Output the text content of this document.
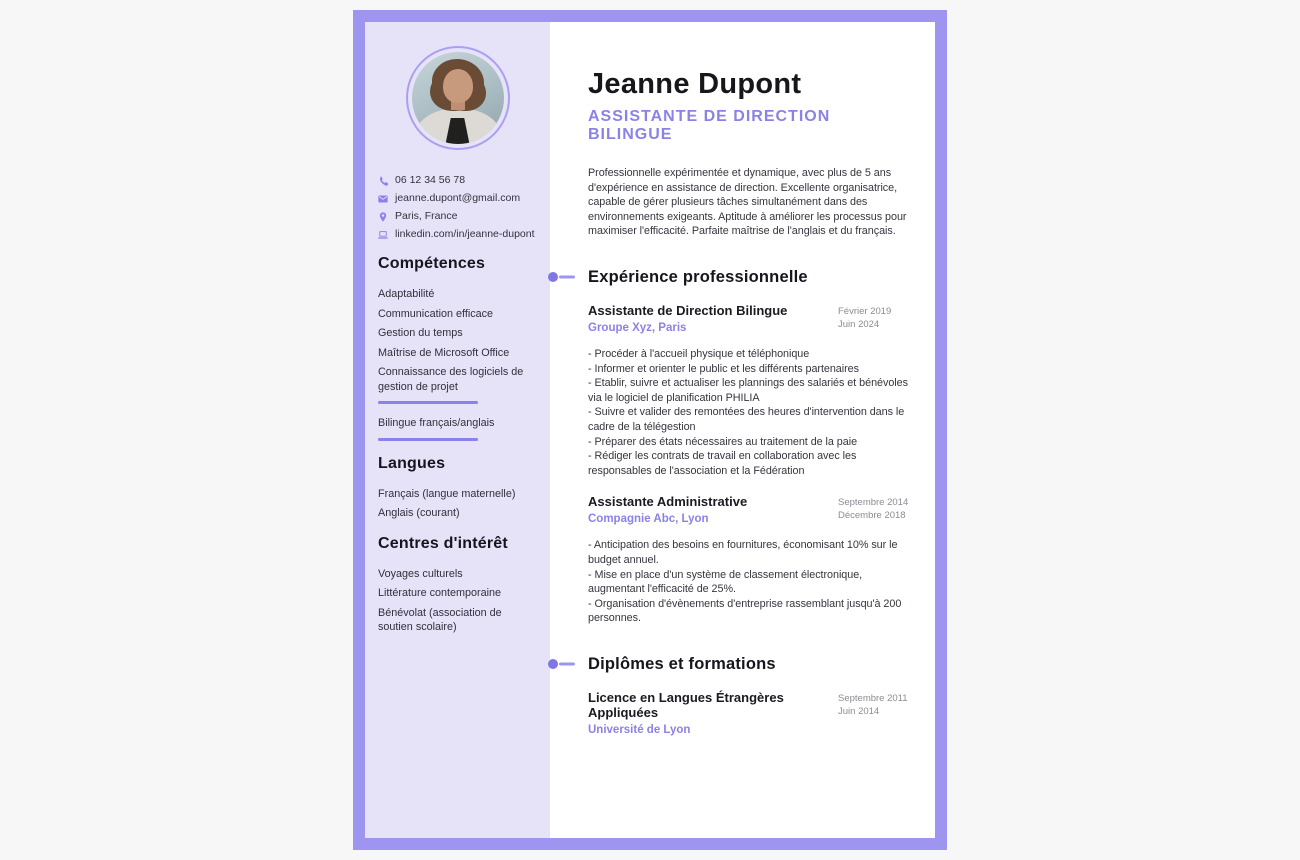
06 12 34 56 78
jeanne.dupont@gmail.com
Paris, France
linkedin.com/in/jeanne-dupont
Compétences
Adaptabilité
Communication efficace
Gestion du temps
Maîtrise de Microsoft Office
Connaissance des logiciels de gestion de projet
Bilingue français/anglais
Langues
Français (langue maternelle)
Anglais (courant)
Centres d'intérêt
Voyages culturels
Littérature contemporaine
Bénévolat (association de soutien scolaire)
Jeanne Dupont
ASSISTANTE DE DIRECTION BILINGUE
Professionnelle expérimentée et dynamique, avec plus de 5 ans d'expérience en assistance de direction. Excellente organisatrice, capable de gérer plusieurs tâches simultanément dans des environnements exigeants. Aptitude à améliorer les processus pour maximiser l'efficacité. Parfaite maîtrise de l'anglais et du français.
Expérience professionnelle
Assistante de Direction Bilingue
Groupe Xyz, Paris
Février 2019
Juin 2024
- Procéder à l'accueil physique et téléphonique
- Informer et orienter le public et les différents partenaires
- Etablir, suivre et actualiser les plannings des salariés et bénévoles via le logiciel de planification PHILIA
- Suivre et valider des remontées des heures d'intervention dans le cadre de la télégestion
- Préparer des états nécessaires au traitement de la paie
- Rédiger les contrats de travail en collaboration avec les responsables de l'association et la Fédération
Assistante Administrative
Compagnie Abc, Lyon
Septembre 2014
Décembre 2018
- Anticipation des besoins en fournitures, économisant 10% sur le budget annuel.
- Mise en place d'un système de classement électronique, augmentant l'efficacité de 25%.
- Organisation d'évènements d'entreprise rassemblant jusqu'à 200 personnes.
Diplômes et formations
Licence en Langues Étrangères Appliquées
Université de Lyon
Septembre 2011
Juin 2014
